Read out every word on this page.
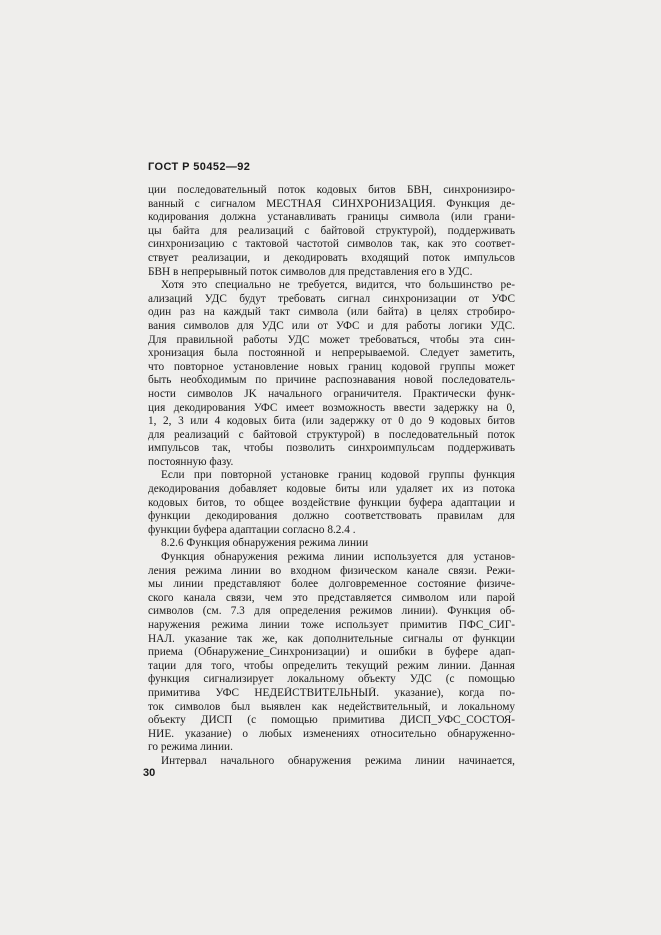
ГОСТ Р 50452—92
ции последовательный поток кодовых битов БВН, синхронизиро-
ванный с сигналом МЕСТНАЯ СИНХРОНИЗАЦИЯ. Функция де-
кодирования должна устанавливать границы символа (или грани-
цы байта для реализаций с байтовой структурой), поддерживать
синхронизацию с тактовой частотой символов так, как это соответ-
ствует реализации, и декодировать входящий поток импульсов
БВН в непрерывный поток символов для представления его в УДС.
Хотя это специально не требуется, видится, что большинство ре-
ализаций УДС будут требовать сигнал синхронизации от УФС
один раз на каждый такт символа (или байта) в целях стробиро-
вания символов для УДС или от УФС и для работы логики УДС.
Для правильной работы УДС может требоваться, чтобы эта син-
хронизация была постоянной и непрерываемой. Следует заметить,
что повторное установление новых границ кодовой группы может
быть необходимым по причине распознавания новой последователь-
ности символов JK начального ограничителя. Практически функ-
ция декодирования УФС имеет возможность ввести задержку на 0,
1, 2, 3 или 4 кодовых бита (или задержку от 0 до 9 кодовых битов
для реализаций с байтовой структурой) в последовательный поток
импульсов так, чтобы позволить синхроимпульсам поддерживать
постоянную фазу.
Если при повторной установке границ кодовой группы функция
декодирования добавляет кодовые биты или удаляет их из потока
кодовых битов, то общее воздействие функции буфера адаптации и
функции декодирования должно соответствовать правилам для
функции буфера адаптации согласно 8.2.4 .
8.2.6 Функция обнаружения режима линии
Функция обнаружения режима линии используется для установ-
ления режима линии во входном физическом канале связи. Режи-
мы линии представляют более долговременное состояние физиче-
ского канала связи, чем это представляется символом или парой
символов (см. 7.3 для определения режимов линии). Функция об-
наружения режима линии тоже использует примитив ПФС_СИГ-
НАЛ. указание так же, как дополнительные сигналы от функции
приема (Обнаружение_Синхронизации) и ошибки в буфере адап-
тации для того, чтобы определить текущий режим линии. Данная
функция сигнализирует локальному объекту УДС (с помощью
примитива УФС НЕДЕЙСТВИТЕЛЬНЫЙ. указание), когда по-
ток символов был выявлен как недействительный, и локальному
объекту ДИСП (с помощью примитива ДИСП_УФС_СОСТОЯ-
НИЕ. указание) о любых изменениях относительно обнаруженно-
го режима линии.
Интервал начального обнаружения режима линии начинается,
30
